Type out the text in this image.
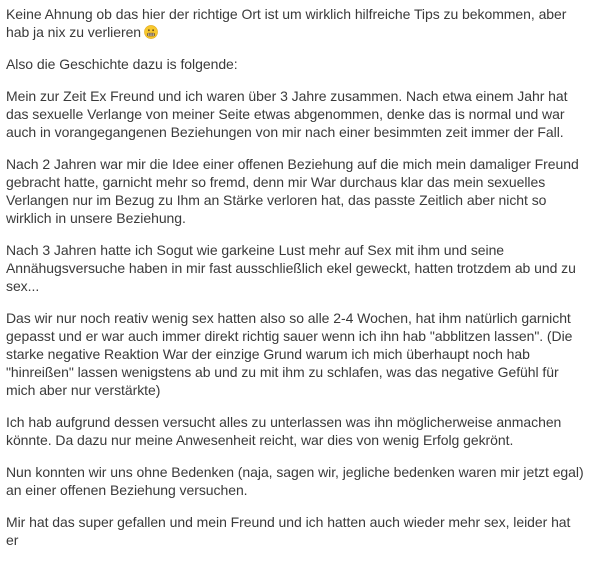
Keine Ahnung ob das hier der richtige Ort ist um wirklich hilfreiche Tips zu bekommen, aber hab ja nix zu verlieren

Also die Geschichte dazu is folgende:

Mein zur Zeit Ex Freund und ich waren über 3 Jahre zusammen. Nach etwa einem Jahr hat das sexuelle Verlange von meiner Seite etwas abgenommen, denke das is normal und war auch in vorangegangenen Beziehungen von mir nach einer besimmten zeit immer der Fall.

Nach 2 Jahren war mir die Idee einer offenen Beziehung auf die mich mein damaliger Freund gebracht hatte, garnicht mehr so fremd, denn mir War durchaus klar das mein sexuelles Verlangen nur im Bezug zu Ihm an Stärke verloren hat, das passte Zeitlich aber nicht so wirklich in unsere Beziehung.

Nach 3 Jahren hatte ich Sogut wie garkeine Lust mehr auf Sex mit ihm und seine Annähugsversuche haben in mir fast ausschließlich ekel geweckt, hatten trotzdem ab und zu sex...

Das wir nur noch reativ wenig sex hatten also so alle 2-4 Wochen, hat ihm natürlich garnicht gepasst und er war auch immer direkt richtig sauer wenn ich ihn hab "abblitzen lassen". (Die starke negative Reaktion War der einzige Grund warum ich mich überhaupt noch hab "hinreißen" lassen wenigstens ab und zu mit ihm zu schlafen, was das negative Gefühl für mich aber nur verstärkte)

Ich hab aufgrund dessen versucht alles zu unterlassen was ihn möglicherweise anmachen könnte. Da dazu nur meine Anwesenheit reicht, war dies von wenig Erfolg gekrönt.

Nun konnten wir uns ohne Bedenken (naja, sagen wir, jegliche bedenken waren mir jetzt egal) an einer offenen Beziehung versuchen.

Mir hat das super gefallen und mein Freund und ich hatten auch wieder mehr sex, leider hat er
